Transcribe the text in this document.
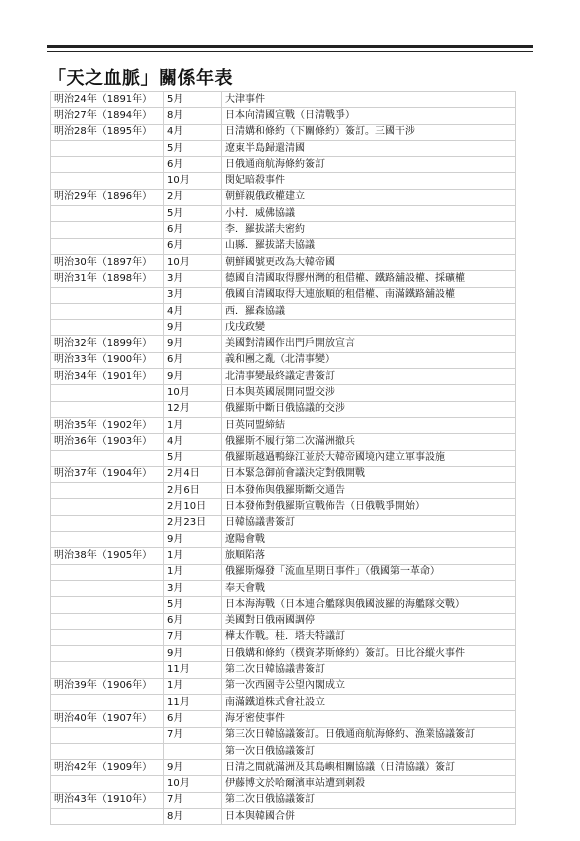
「天之血脈」關係年表
明治24年（1891年）	5月	大津事件
明治27年（1894年）	8月	日本向清國宣戰（日清戰爭）
明治28年（1895年）	4月	日清媾和條約（下關條約）簽訂。三國干涉
	5月	遼東半島歸還清國
	6月	日俄通商航海條約簽訂
	10月	閔妃暗殺事件
明治29年（1896年）	2月	朝鮮親俄政權建立
	5月	小村．威佛協議
	6月	李．羅拔諾夫密約
	6月	山縣．羅拔諾夫協議
明治30年（1897年）	10月	朝鮮國號更改為大韓帝國
明治31年（1898年）	3月	德國自清國取得膠州灣的租借權、鐵路舖設權、採礦權
	3月	俄國自清國取得大連旅順的租借權、南滿鐵路舖設權
	4月	西．羅森協議
	9月	戊戌政變
明治32年（1899年）	9月	美國對清國作出門戶開放宣言
明治33年（1900年）	6月	義和團之亂（北清事變）
明治34年（1901年）	9月	北清事變最終議定書簽訂
	10月	日本與英國展開同盟交涉
	12月	俄羅斯中斷日俄協議的交涉
明治35年（1902年）	1月	日英同盟締結
明治36年（1903年）	4月	俄羅斯不履行第二次滿洲撤兵
	5月	俄羅斯越過鴨綠江並於大韓帝國境內建立軍事設施
明治37年（1904年）	2月4日	日本緊急御前會議決定對俄開戰
	2月6日	日本發佈與俄羅斯斷交通告
	2月10日	日本發佈對俄羅斯宣戰佈告（日俄戰爭開始）
	2月23日	日韓協議書簽訂
	9月	遼陽會戰
明治38年（1905年）	1月	旅順陷落
	1月	俄羅斯爆發「流血星期日事件」（俄國第一革命）
	3月	奉天會戰
	5月	日本海海戰（日本連合艦隊與俄國波羅的海艦隊交戰）
	6月	美國對日俄兩國調停
	7月	樺太作戰。桂．塔夫特議訂
	9月	日俄媾和條約（樸資茅斯條約）簽訂。日比谷縱火事件
	11月	第二次日韓協議書簽訂
明治39年（1906年）	1月	第一次西園寺公望內閣成立
	11月	南滿鐵道株式會社設立
明治40年（1907年）	6月	海牙密使事件
	7月	第三次日韓協議簽訂。日俄通商航海條約、漁業協議簽訂
		第一次日俄協議簽訂
明治42年（1909年）	9月	日清之間就滿洲及其島嶼相關協議（日清協議）簽訂
	10月	伊藤博文於哈爾濱車站遭到刺殺
明治43年（1910年）	7月	第二次日俄協議簽訂
	8月	日本與韓國合併
